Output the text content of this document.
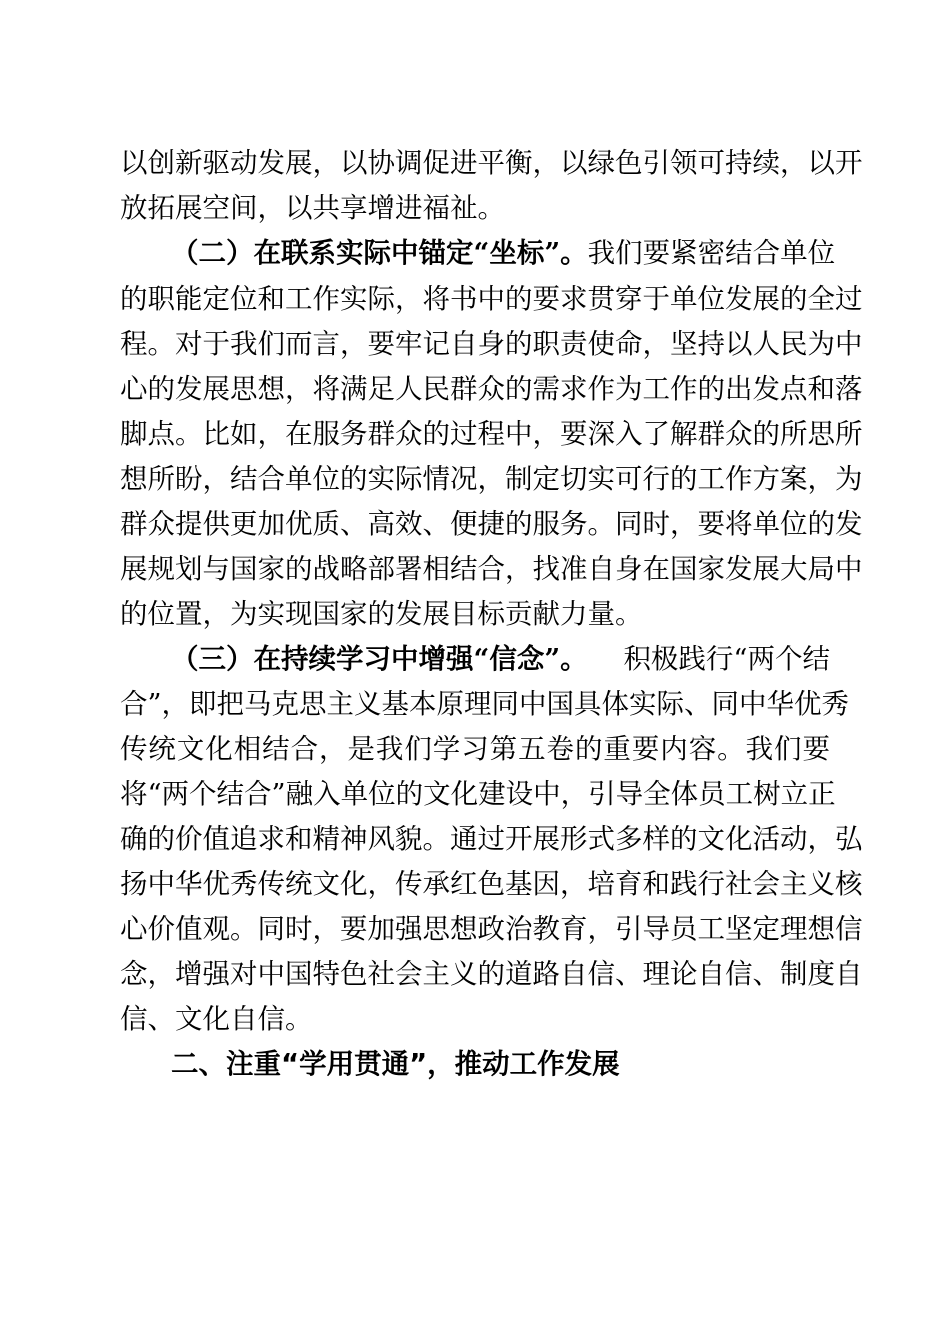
以创新驱动发展，以协调促进平衡，以绿色引领可持续，以开
放拓展空间，以共享增进福祉。
（二）在联系实际中锚定“坐标”。 我们要紧密结合单位
的职能定位和工作实际，将书中的要求贯穿于单位发展的全过
程。对于我们而言，要牢记自身的职责使命，坚持以人民为中
心的发展思想，将满足人民群众的需求作为工作的出发点和落
脚点。比如，在服务群众的过程中，要深入了解群众的所思所
想所盼，结合单位的实际情况，制定切实可行的工作方案，为
群众提供更加优质、高效、便捷的服务。同时，要将单位的发
展规划与国家的战略部署相结合，找准自身在国家发展大局中
的位置，为实现国家的发展目标贡献力量。
（三）在持续学习中增强“信念”。 积极践行“两个结
合”，即把马克思主义基本原理同中国具体实际、同中华优秀
传统文化相结合，是我们学习第五卷的重要内容。我们要
将“两个结合”融入单位的文化建设中，引导全体员工树立正
确的价值追求和精神风貌。通过开展形式多样的文化活动，弘
扬中华优秀传统文化，传承红色基因，培育和践行社会主义核
心价值观。同时，要加强思想政治教育，引导员工坚定理想信
念，增强对中国特色社会主义的道路自信、理论自信、制度自
信、文化自信。
二、注重“学用贯通”，推动工作发展
